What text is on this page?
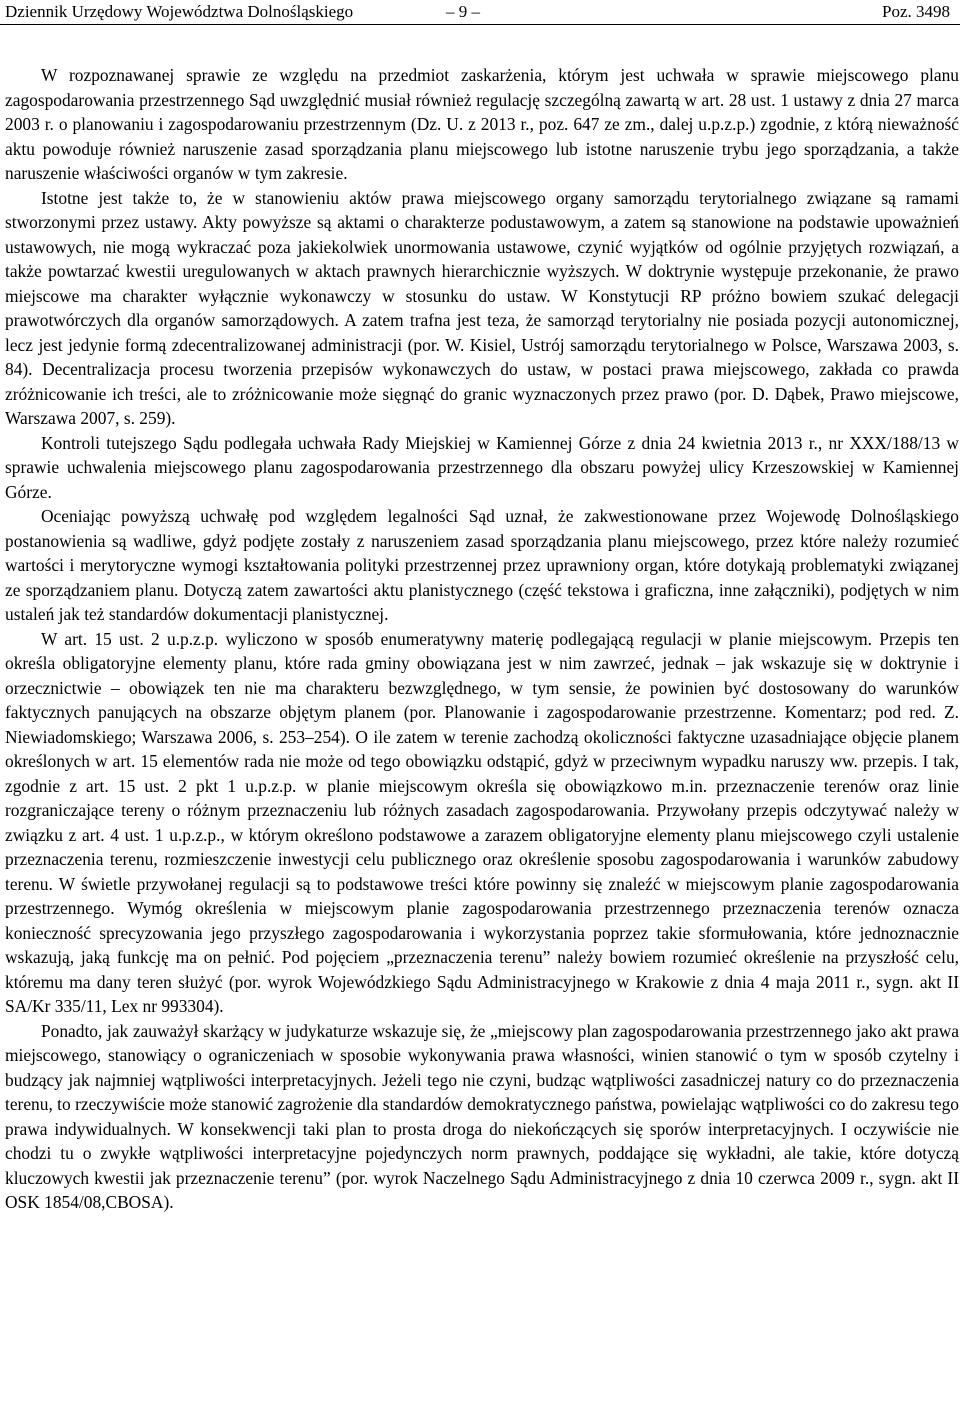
Dziennik Urzędowy Województwa Dolnośląskiego	– 9 –	Poz. 3498

W rozpoznawanej sprawie ze względu na przedmiot zaskarżenia, którym jest uchwała w sprawie miejscowego planu zagospodarowania przestrzennego Sąd uwzględnić musiał również regulację szczególną zawartą w art. 28 ust. 1 ustawy z dnia 27 marca 2003 r. o planowaniu i zagospodarowaniu przestrzennym (Dz. U. z 2013 r., poz. 647 ze zm., dalej u.p.z.p.) zgodnie, z którą nieważność aktu powoduje również naruszenie zasad sporządzania planu miejscowego lub istotne naruszenie trybu jego sporządzania, a także naruszenie właściwości organów w tym zakresie.

Istotne jest także to, że w stanowieniu aktów prawa miejscowego organy samorządu terytorialnego związane są ramami stworzonymi przez ustawy. Akty powyższe są aktami o charakterze podustawowym, a zatem są stanowione na podstawie upoważnień ustawowych, nie mogą wykraczać poza jakiekolwiek unormowania ustawowe, czynić wyjątków od ogólnie przyjętych rozwiązań, a także powtarzać kwestii uregulowanych w aktach prawnych hierarchicznie wyższych. W doktrynie występuje przekonanie, że prawo miejscowe ma charakter wyłącznie wykonawczy w stosunku do ustaw. W Konstytucji RP próżno bowiem szukać delegacji prawotwórczych dla organów samorządowych. A zatem trafna jest teza, że samorząd terytorialny nie posiada pozycji autonomicznej, lecz jest jedynie formą zdecentralizowanej administracji (por. W. Kisiel, Ustrój samorządu terytorialnego w Polsce, Warszawa 2003, s. 84). Decentralizacja procesu tworzenia przepisów wykonawczych do ustaw, w postaci prawa miejscowego, zakłada co prawda zróżnicowanie ich treści, ale to zróżnicowanie może sięgnąć do granic wyznaczonych przez prawo (por. D. Dąbek, Prawo miejscowe, Warszawa 2007, s. 259).

Kontroli tutejszego Sądu podlegała uchwała Rady Miejskiej w Kamiennej Górze z dnia 24 kwietnia 2013 r., nr XXX/188/13 w sprawie uchwalenia miejscowego planu zagospodarowania przestrzennego dla obszaru powyżej ulicy Krzeszowskiej w Kamiennej Górze.

Oceniając powyższą uchwałę pod względem legalności Sąd uznał, że zakwestionowane przez Wojewodę Dolnośląskiego postanowienia są wadliwe, gdyż podjęte zostały z naruszeniem zasad sporządzania planu miejscowego, przez które należy rozumieć wartości i merytoryczne wymogi kształtowania polityki przestrzennej przez uprawniony organ, które dotykają problematyki związanej ze sporządzaniem planu. Dotyczą zatem zawartości aktu planistycznego (część tekstowa i graficzna, inne załączniki), podjętych w nim ustaleń jak też standardów dokumentacji planistycznej.

W art. 15 ust. 2 u.p.z.p. wyliczono w sposób enumeratywny materię podlegającą regulacji w planie miejscowym. Przepis ten określa obligatoryjne elementy planu, które rada gminy obowiązana jest w nim zawrzeć, jednak – jak wskazuje się w doktrynie i orzecznictwie – obowiązek ten nie ma charakteru bezwzględnego, w tym sensie, że powinien być dostosowany do warunków faktycznych panujących na obszarze objętym planem (por. Planowanie i zagospodarowanie przestrzenne. Komentarz; pod red. Z. Niewiadomskiego; Warszawa 2006, s. 253–254). O ile zatem w terenie zachodzą okoliczności faktyczne uzasadniające objęcie planem określonych w art. 15 elementów rada nie może od tego obowiązku odstąpić, gdyż w przeciwnym wypadku naruszy ww. przepis. I tak, zgodnie z art. 15 ust. 2 pkt 1 u.p.z.p. w planie miejscowym określa się obowiązkowo m.in. przeznaczenie terenów oraz linie rozgraniczające tereny o różnym przeznaczeniu lub różnych zasadach zagospodarowania. Przywołany przepis odczytywać należy w związku z art. 4 ust. 1 u.p.z.p., w którym określono podstawowe a zarazem obligatoryjne elementy planu miejscowego czyli ustalenie przeznaczenia terenu, rozmieszczenie inwestycji celu publicznego oraz określenie sposobu zagospodarowania i warunków zabudowy terenu. W świetle przywołanej regulacji są to podstawowe treści które powinny się znaleźć w miejscowym planie zagospodarowania przestrzennego. Wymóg określenia w miejscowym planie zagospodarowania przestrzennego przeznaczenia terenów oznacza konieczność sprecyzowania jego przyszłego zagospodarowania i wykorzystania poprzez takie sformułowania, które jednoznacznie wskazują, jaką funkcję ma on pełnić. Pod pojęciem „przeznaczenia terenu” należy bowiem rozumieć określenie na przyszłość celu, któremu ma dany teren służyć (por. wyrok Wojewódzkiego Sądu Administracyjnego w Krakowie z dnia 4 maja 2011 r., sygn. akt II SA/Kr 335/11, Lex nr 993304).

Ponadto, jak zauważył skarżący w judykaturze wskazuje się, że „miejscowy plan zagospodarowania przestrzennego jako akt prawa miejscowego, stanowiący o ograniczeniach w sposobie wykonywania prawa własności, winien stanowić o tym w sposób czytelny i budzący jak najmniej wątpliwości interpretacyjnych. Jeżeli tego nie czyni, budząc wątpliwości zasadniczej natury co do przeznaczenia terenu, to rzeczywiście może stanowić zagrożenie dla standardów demokratycznego państwa, powielając wątpliwości co do zakresu tego prawa indywidualnych. W konsekwencji taki plan to prosta droga do niekończących się sporów interpretacyjnych. I oczywiście nie chodzi tu o zwykłe wątpliwości interpretacyjne pojedynczych norm prawnych, poddające się wykładni, ale takie, które dotyczą kluczowych kwestii jak przeznaczenie terenu” (por. wyrok Naczelnego Sądu Administracyjnego z dnia 10 czerwca 2009 r., sygn. akt II OSK 1854/08,CBOSA).
